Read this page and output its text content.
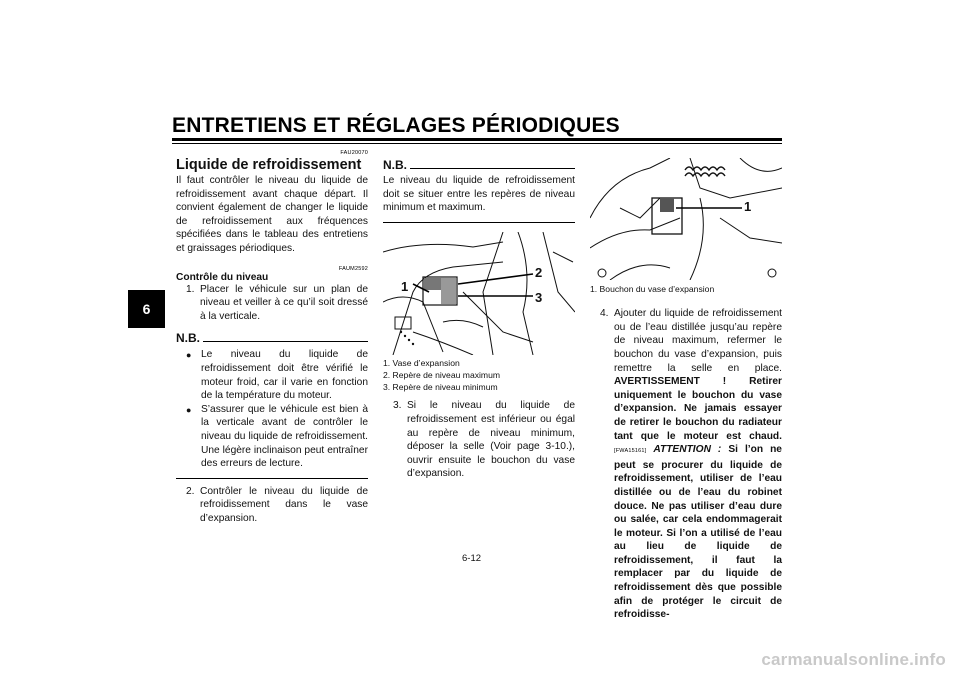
ENTRETIENS ET RÉGLAGES PÉRIODIQUES
6
FAU20070
Liquide de refroidissement
Il faut contrôler le niveau du liquide de refroidissement avant chaque départ. Il convient également de changer le liquide de refroidissement aux fréquences spécifiées dans le tableau des entretiens et graissages périodiques.
FAUM2592
Contrôle du niveau
1. Placer le véhicule sur un plan de niveau et veiller à ce qu’il soit dressé à la verticale.
N.B.
● Le niveau du liquide de refroidissement doit être vérifié le moteur froid, car il varie en fonction de la température du moteur.
● S’assurer que le véhicule est bien à la verticale avant de contrôler le niveau du liquide de refroidissement. Une légère inclinaison peut entraîner des erreurs de lecture.
2. Contrôler le niveau du liquide de refroidissement dans le vase d’expansion.
N.B.
Le niveau du liquide de refroidissement doit se situer entre les repères de niveau minimum et maximum.
1
2
3
1. Vase d’expansion
2. Repère de niveau maximum
3. Repère de niveau minimum
3. Si le niveau du liquide de refroidissement est inférieur ou égal au repère de niveau minimum, déposer la selle (Voir page 3-10.), ouvrir ensuite le bouchon du vase d’expansion.
1
1. Bouchon du vase d’expansion
4. Ajouter du liquide de refroidissement ou de l’eau distillée jusqu’au repère de niveau maximum, refermer le bouchon du vase d’expansion, puis remettre la selle en place. AVERTISSEMENT ! Retirer uniquement le bouchon du vase d’expansion. Ne jamais essayer de retirer le bouchon du radiateur tant que le moteur est chaud. [FWA15161] ATTENTION : Si l’on ne peut se procurer du liquide de refroidissement, utiliser de l’eau distillée ou de l’eau du robinet douce. Ne pas utiliser d’eau dure ou salée, car cela endommagerait le moteur. Si l’on a utilisé de l’eau au lieu de liquide de refroidissement, il faut la remplacer par du liquide de refroidissement dès que possible afin de protéger le circuit de refroidisse-
6-12
carmanualsonline.info
